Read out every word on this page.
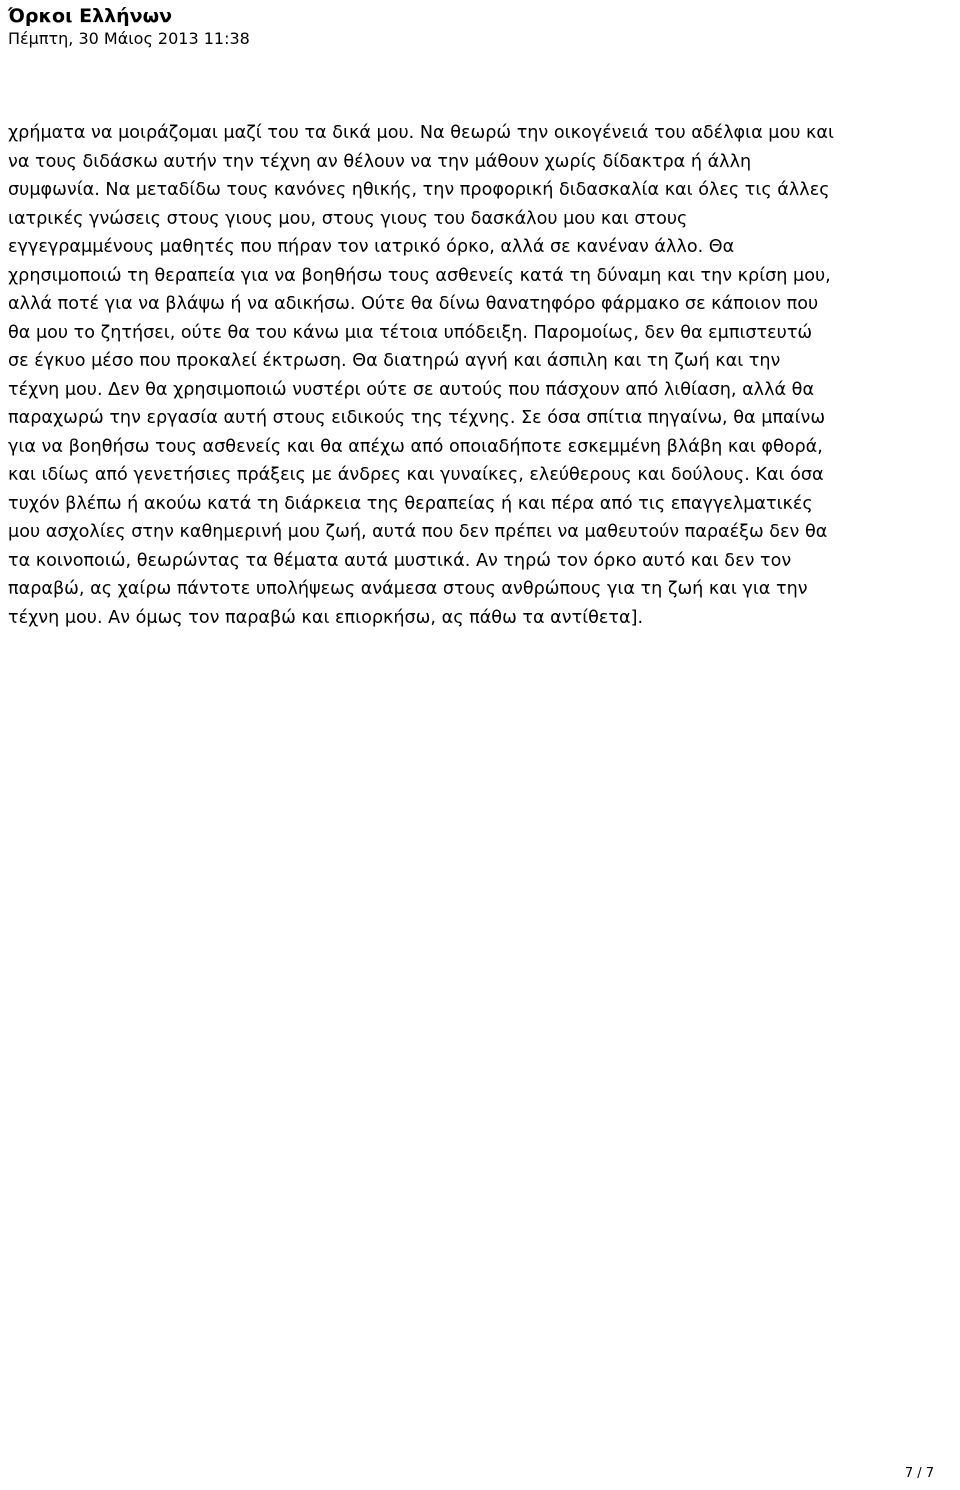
Όρκοι Ελλήνων
Πέμπτη, 30 Μάιος 2013 11:38
χρήματα να μοιράζομαι μαζί του τα δικά μου. Να θεωρώ την οικογένειά του αδέλφια μου και
να τους διδάσκω αυτήν την τέχνη αν θέλουν να την μάθουν χωρίς δίδακτρα ή άλλη
συμφωνία. Να μεταδίδω τους κανόνες ηθικής, την προφορική διδασκαλία και όλες τις άλλες
ιατρικές γνώσεις στους γιους μου, στους γιους του δασκάλου μου και στους
εγγεγραμμένους μαθητές που πήραν τον ιατρικό όρκο, αλλά σε κανέναν άλλο. Θα
χρησιμοποιώ τη θεραπεία για να βοηθήσω τους ασθενείς κατά τη δύναμη και την κρίση μου,
αλλά ποτέ για να βλάψω ή να αδικήσω. Ούτε θα δίνω θανατηφόρο φάρμακο σε κάποιον που
θα μου το ζητήσει, ούτε θα του κάνω μια τέτοια υπόδειξη. Παρομοίως, δεν θα εμπιστευτώ
σε έγκυο μέσο που προκαλεί έκτρωση. Θα διατηρώ αγνή και άσπιλη και τη ζωή και την
τέχνη μου. Δεν θα χρησιμοποιώ νυστέρι ούτε σε αυτούς που πάσχουν από λιθίαση, αλλά θα
παραχωρώ την εργασία αυτή στους ειδικούς της τέχνης. Σε όσα σπίτια πηγαίνω, θα μπαίνω
για να βοηθήσω τους ασθενείς και θα απέχω από οποιαδήποτε εσκεμμένη βλάβη και φθορά,
και ιδίως από γενετήσιες πράξεις με άνδρες και γυναίκες, ελεύθερους και δούλους. Και όσα
τυχόν βλέπω ή ακούω κατά τη διάρκεια της θεραπείας ή και πέρα από τις επαγγελματικές
μου ασχολίες στην καθημερινή μου ζωή, αυτά που δεν πρέπει να μαθευτούν παραέξω δεν θα
τα κοινοποιώ, θεωρώντας τα θέματα αυτά μυστικά. Αν τηρώ τον όρκο αυτό και δεν τον
παραβώ, ας χαίρω πάντοτε υπολήψεως ανάμεσα στους ανθρώπους για τη ζωή και για την
τέχνη μου. Αν όμως τον παραβώ και επιορκήσω, ας πάθω τα αντίθετα].
7 / 7
